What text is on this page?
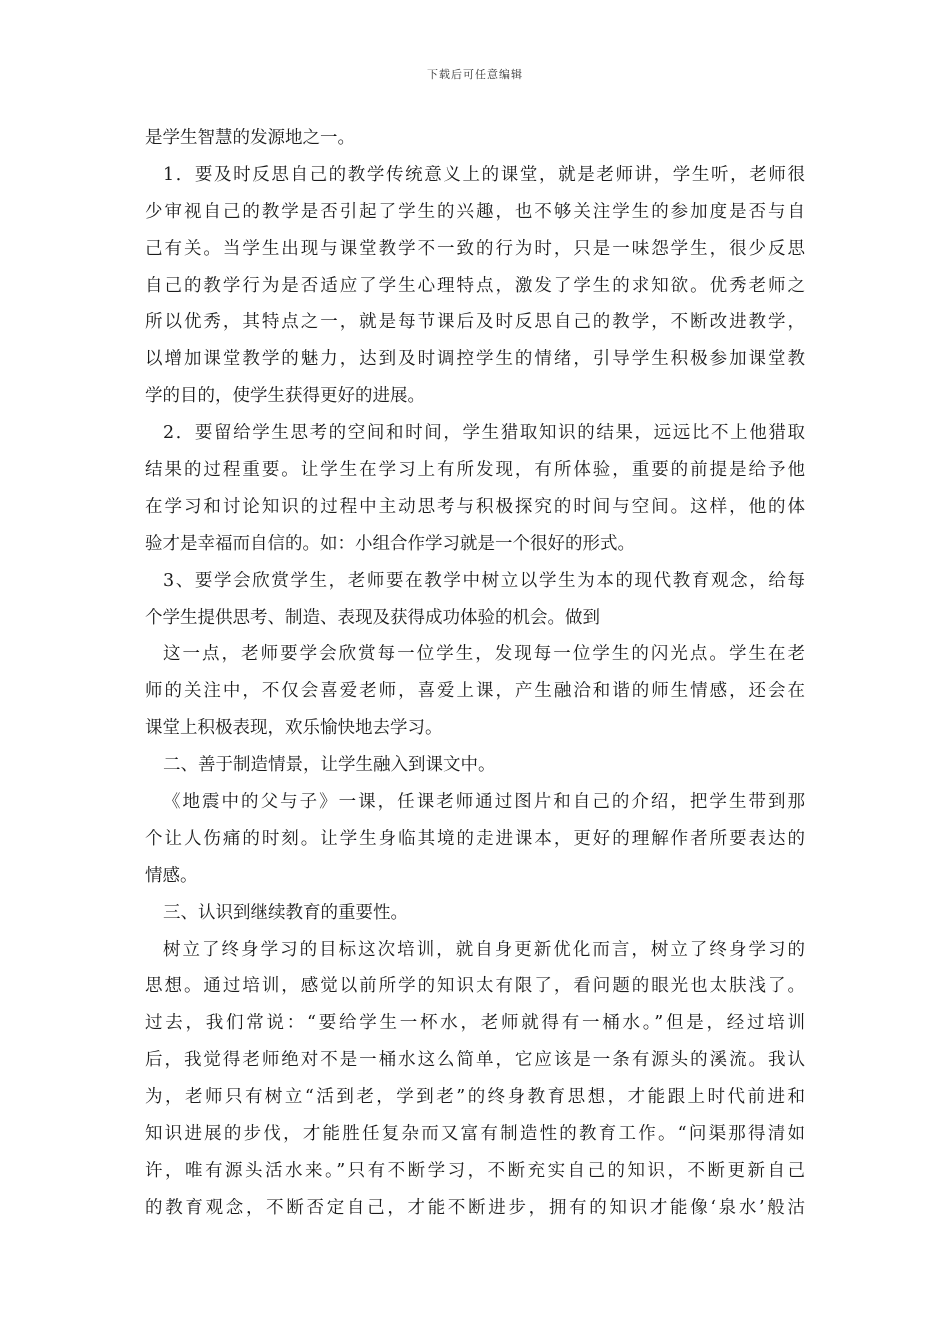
下载后可任意编辑
是学生智慧的发源地之一。
1．要及时反思自己的教学传统意义上的课堂，就是老师讲，学生听，老师很
少审视自己的教学是否引起了学生的兴趣，也不够关注学生的参加度是否与自
己有关。当学生出现与课堂教学不一致的行为时，只是一味怨学生，很少反思
自己的教学行为是否适应了学生心理特点，激发了学生的求知欲。优秀老师之
所以优秀，其特点之一，就是每节课后及时反思自己的教学，不断改进教学，
以增加课堂教学的魅力，达到及时调控学生的情绪，引导学生积极参加课堂教
学的目的，使学生获得更好的进展。
2．要留给学生思考的空间和时间，学生猎取知识的结果，远远比不上他猎取
结果的过程重要。让学生在学习上有所发现，有所体验，重要的前提是给予他
在学习和讨论知识的过程中主动思考与积极探究的时间与空间。这样，他的体
验才是幸福而自信的。如：小组合作学习就是一个很好的形式。
3、要学会欣赏学生，老师要在教学中树立以学生为本的现代教育观念，给每
个学生提供思考、制造、表现及获得成功体验的机会。做到
这一点，老师要学会欣赏每一位学生，发现每一位学生的闪光点。学生在老
师的关注中，不仅会喜爱老师，喜爱上课，产生融洽和谐的师生情感，还会在
课堂上积极表现，欢乐愉快地去学习。
二、善于制造情景，让学生融入到课文中。
《地震中的父与子》一课，任课老师通过图片和自己的介绍，把学生带到那
个让人伤痛的时刻。让学生身临其境的走进课本，更好的理解作者所要表达的
情感。
三、认识到继续教育的重要性。
树立了终身学习的目标这次培训，就自身更新优化而言，树立了终身学习的
思想。通过培训，感觉以前所学的知识太有限了，看问题的眼光也太肤浅了。
过去，我们常说：“要给学生一杯水，老师就得有一桶水。”但是，经过培训
后，我觉得老师绝对不是一桶水这么简单，它应该是一条有源头的溪流。我认
为，老师只有树立“活到老，学到老”的终身教育思想，才能跟上时代前进和
知识进展的步伐，才能胜任复杂而又富有制造性的教育工作。“问渠那得清如
许，唯有源头活水来。”只有不断学习，不断充实自己的知识，不断更新自己
的教育观念，不断否定自己，才能不断进步，拥有的知识才能像‘泉水’般沽
